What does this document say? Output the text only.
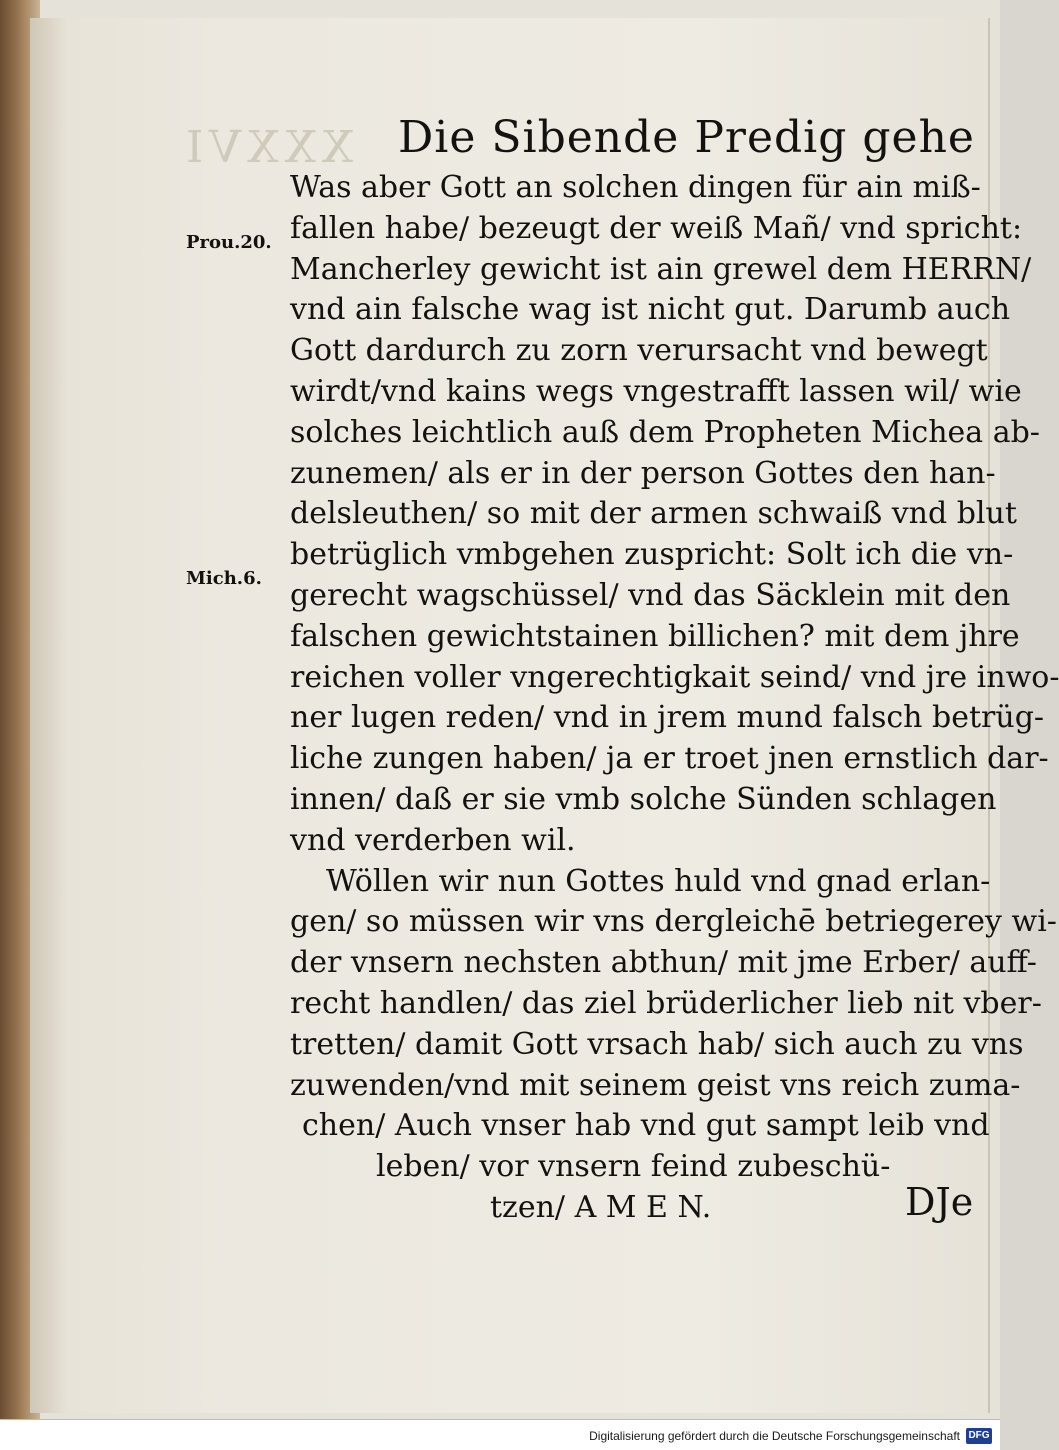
XXXVI Die Sibende Predig gehe
Prou.20.
Mich.6.
Was aber Gott an solchen dingen für ain miß-
fallen habe/ bezeugt der weiß Mañ/ vnd spricht:
Mancherley gewicht ist ain grewel dem HERRN/
vnd ain falsche wag ist nicht gut. Darumb auch
Gott dardurch zu zorn verursacht vnd bewegt
wirdt/vnd kains wegs vngestrafft lassen wil/ wie
solches leichtlich auß dem Propheten Michea ab-
zunemen/ als er in der person Gottes den han-
delsleuthen/ so mit der armen schwaiß vnd blut
betrüglich vmbgehen zuspricht: Solt ich die vn-
gerecht wagschüssel/ vnd das Säcklein mit den
falschen gewichtstainen billichen? mit dem jhre
reichen voller vngerechtigkait seind/ vnd jre inwo-
ner lugen reden/ vnd in jrem mund falsch betrüg-
liche zungen haben/ ja er troet jnen ernstlich dar-
innen/ daß er sie vmb solche Sünden schlagen
vnd verderben wil.
Wöllen wir nun Gottes huld vnd gnad erlan-
gen/ so müssen wir vns dergleichē betriegerey wi-
der vnsern nechsten abthun/ mit jme Erber/ auff-
recht handlen/ das ziel brüderlicher lieb nit vber-
tretten/ damit Gott vrsach hab/ sich auch zu vns
zuwenden/vnd mit seinem geist vns reich zuma-
chen/ Auch vnser hab vnd gut sampt leib vnd
leben/ vor vnsern feind zubeschü-
tzen/ A M E N.	DJe
Digitalisierung gefördert durch die Deutsche Forschungsgemeinschaft DFG
